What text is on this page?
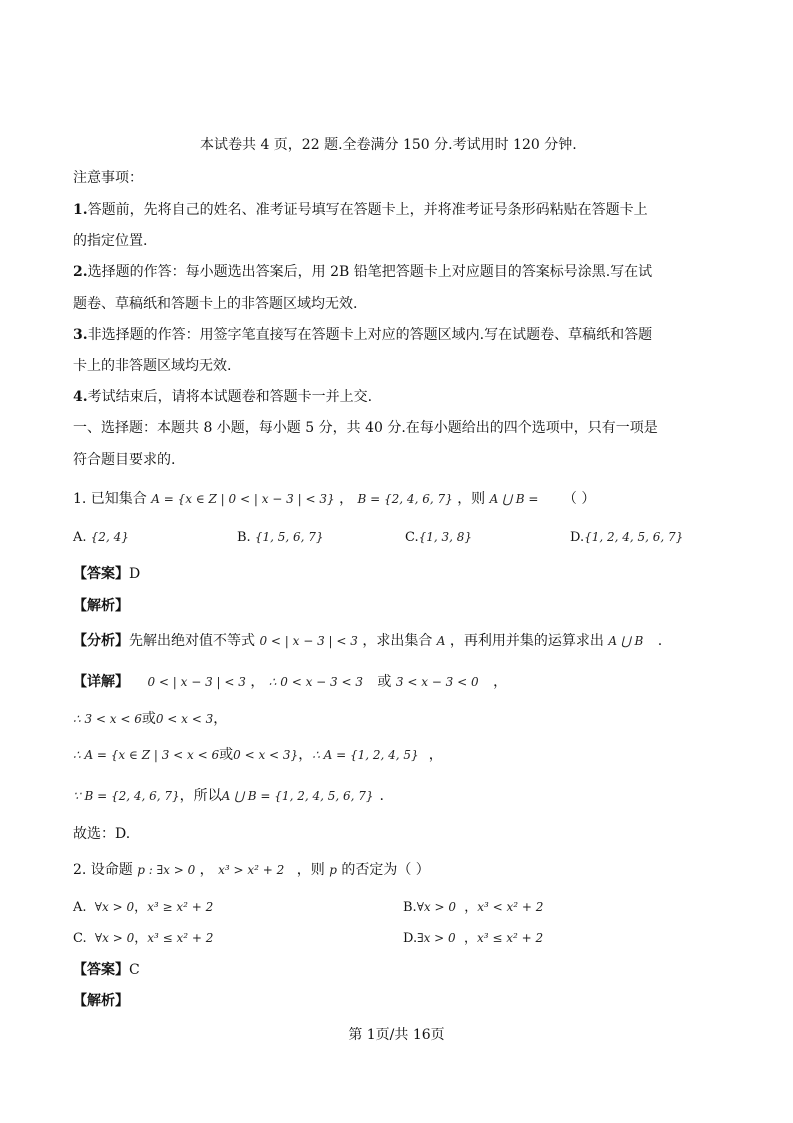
本试卷共 4 页，22 题.全卷满分 150 分.考试用时 120 分钟.
注意事项：
1.答题前，先将自己的姓名、准考证号填写在答题卡上，并将准考证号条形码粘贴在答题卡上
的指定位置.
2.选择题的作答：每小题选出答案后，用 2B 铅笔把答题卡上对应题目的答案标号涂黑.写在试
题卷、草稿纸和答题卡上的非答题区域均无效.
3.非选择题的作答：用签字笔直接写在答题卡上对应的答题区域内.写在试题卷、草稿纸和答题
卡上的非答题区域均无效.
4.考试结束后，请将本试题卷和答题卡一并上交.
一、选择题：本题共 8 小题，每小题 5 分，共 40 分.在每小题给出的四个选项中，只有一项是
符合题目要求的.
1. 已知集合 A = {x ∈ Z | 0 < | x − 3 | < 3} ， B = {2, 4, 6, 7} ，则 A ⋃ B = （ ）
A. {2, 4}	B. {1, 5, 6, 7}	C.{1, 3, 8}	D.{1, 2, 4, 5, 6, 7}
【答案】D
【解析】
【分析】先解出绝对值不等式 0 < | x − 3 | < 3 ，求出集合 A ，再利用并集的运算求出 A ⋃ B .
【详解】 0 < | x − 3 | < 3 ， ∴ 0 < x − 3 < 3 或 3 < x − 3 < 0 ，
∴ 3 < x < 6或0 < x < 3，
∴ A = {x ∈ Z | 3 < x < 6或0 < x < 3}，∴ A = {1, 2, 4, 5} ，
∵ B = {2, 4, 6, 7}，所以A ⋃ B = {1, 2, 4, 5, 6, 7} .
故选：D.
2. 设命题 p : ∃x > 0 ， x³ > x² + 2 ，则 p 的否定为（ ）
A. ∀x > 0，x³ ≥ x² + 2	B.∀x > 0  ，x³ < x² + 2
C. ∀x > 0，x³ ≤ x² + 2	D.∃x > 0  ，x³ ≤ x² + 2
【答案】C
【解析】
第 1页/共 16页
